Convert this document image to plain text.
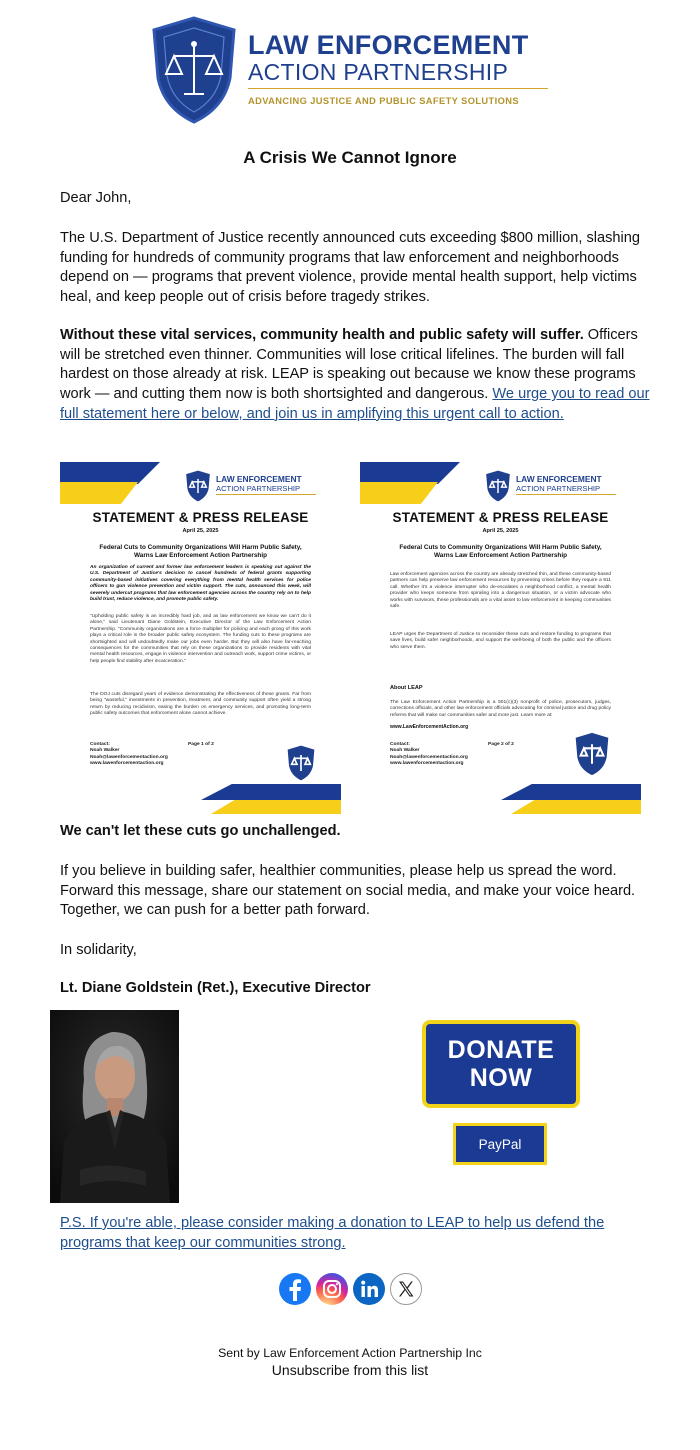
LAW ENFORCEMENT
ACTION PARTNERSHIP
ADVANCING JUSTICE AND PUBLIC SAFETY SOLUTIONS
A Crisis We Cannot Ignore
Dear John,
The U.S. Department of Justice recently announced cuts exceeding $800 million, slashing funding for hundreds of community programs that law enforcement and neighborhoods depend on — programs that prevent violence, provide mental health support, help victims heal, and keep people out of crisis before tragedy strikes.
Without these vital services, community health and public safety will suffer. Officers will be stretched even thinner. Communities will lose critical lifelines. The burden will fall hardest on those already at risk. LEAP is speaking out because we know these programs work — and cutting them now is both shortsighted and dangerous. We urge you to read our full statement here or below, and join us in amplifying this urgent call to action.
LAW ENFORCEMENT
ACTION PARTNERSHIP
STATEMENT & PRESS RELEASE
April 25, 2025
Federal Cuts to Community Organizations Will Harm Public Safety, Warns Law Enforcement Action Partnership
An organization of current and former law enforcement leaders is speaking out against the U.S. Department of Justice's decision to cancel hundreds of federal grants supporting community-based initiatives covering everything from mental health services for police officers to gun violence prevention and victim support. The cuts, announced this week, will severely undercut programs that law enforcement agencies across the country rely on to help build trust, reduce violence, and promote public safety.
"Upholding public safety is an incredibly hard job, and as law enforcement we know we can't do it alone," said Lieutenant Diane Goldstein, Executive Director of the Law Enforcement Action Partnership. "Community organizations are a force multiplier for policing and each prong of this work plays a critical role in the broader public safety ecosystem. The funding cuts to these programs are shortsighted and will undoubtedly make our jobs even harder. But they will also have far-reaching consequences for the communities that rely on these organizations to provide residents with vital mental health resources, engage in violence intervention and outreach work, support crime victims, or help people find stability after incarceration."
The DOJ cuts disregard years of evidence demonstrating the effectiveness of these grants. Far from being "wasteful," investments in prevention, treatment, and community support often yield a strong return by reducing recidivism, easing the burden on emergency services, and promoting long-term public safety outcomes that enforcement alone cannot achieve.
Contact:
Noah Walker
Noah@lawenforcementaction.org
www.lawenforcementaction.org
Page 1 of 2
LAW ENFORCEMENT
ACTION PARTNERSHIP
STATEMENT & PRESS RELEASE
April 25, 2025
Federal Cuts to Community Organizations Will Harm Public Safety, Warns Law Enforcement Action Partnership
Law enforcement agencies across the country are already stretched thin, and these community-based partners can help preserve law enforcement resources by preventing crises before they require a 911 call. Whether it's a violence interrupter who de-escalates a neighborhood conflict, a mental health provider who keeps someone from spiraling into a dangerous situation, or a victim advocate who works with survivors, these professionals are a vital asset to law enforcement in keeping communities safe.
LEAP urges the Department of Justice to reconsider these cuts and restore funding to programs that save lives, build safer neighborhoods, and support the well-being of both the public and the officers who serve them.
About LEAP
The Law Enforcement Action Partnership is a 501(c)(3) nonprofit of police, prosecutors, judges, corrections officials, and other law enforcement officials advocating for criminal justice and drug policy reforms that will make our communities safer and more just. Learn more at:
www.LawEnforcementAction.org
Contact:
Noah Walker
Noah@lawenforcementaction.org
www.lawenforcementaction.org
Page 2 of 2
We can't let these cuts go unchallenged.
If you believe in building safer, healthier communities, please help us spread the word. Forward this message, share our statement on social media, and make your voice heard. Together, we can push for a better path forward.
In solidarity,
Lt. Diane Goldstein (Ret.), Executive Director
DONATE
NOW
PayPal
P.S. If you're able, please consider making a donation to LEAP to help us defend the programs that keep our communities strong.
Sent by Law Enforcement Action Partnership Inc
Unsubscribe from this list
